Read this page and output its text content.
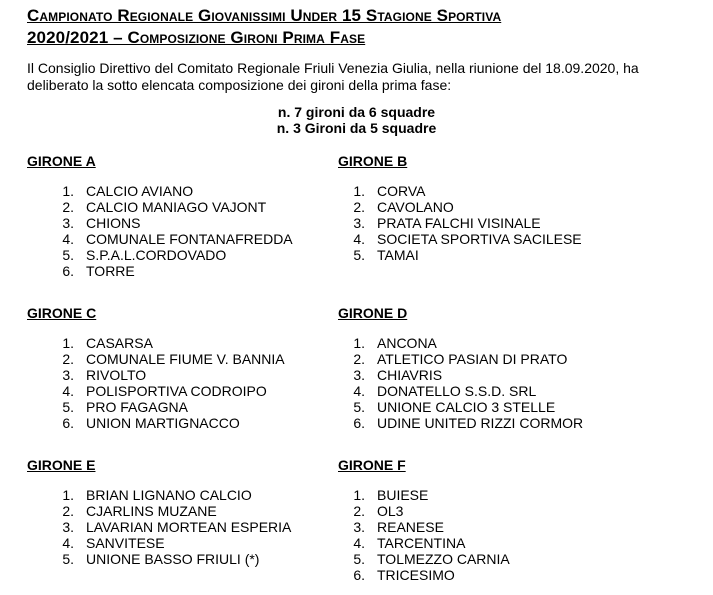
Campionato Regionale Giovanissimi Under 15 Stagione Sportiva
2020/2021 – Composizione Gironi Prima Fase
Il Consiglio Direttivo del Comitato Regionale Friuli Venezia Giulia, nella riunione del 18.09.2020, ha
deliberato la sotto elencata composizione dei gironi della prima fase:
n. 7 gironi da 6 squadre
n. 3 Gironi da 5 squadre
GIRONE A
1. CALCIO AVIANO
2. CALCIO MANIAGO VAJONT
3. CHIONS
4. COMUNALE FONTANAFREDDA
5. S.P.A.L.CORDOVADO
6. TORRE
GIRONE B
1. CORVA
2. CAVOLANO
3. PRATA FALCHI VISINALE
4. SOCIETA SPORTIVA SACILESE
5. TAMAI
GIRONE C
1. CASARSA
2. COMUNALE FIUME V. BANNIA
3. RIVOLTO
4. POLISPORTIVA CODROIPO
5. PRO FAGAGNA
6. UNION MARTIGNACCO
GIRONE D
1. ANCONA
2. ATLETICO PASIAN DI PRATO
3. CHIAVRIS
4. DONATELLO S.S.D. SRL
5. UNIONE CALCIO 3 STELLE
6. UDINE UNITED RIZZI CORMOR
GIRONE E
1. BRIAN LIGNANO CALCIO
2. CJARLINS MUZANE
3. LAVARIAN MORTEAN ESPERIA
4. SANVITESE
5. UNIONE BASSO FRIULI (*)
GIRONE F
1. BUIESE
2. OL3
3. REANESE
4. TARCENTINA
5. TOLMEZZO CARNIA
6. TRICESIMO
